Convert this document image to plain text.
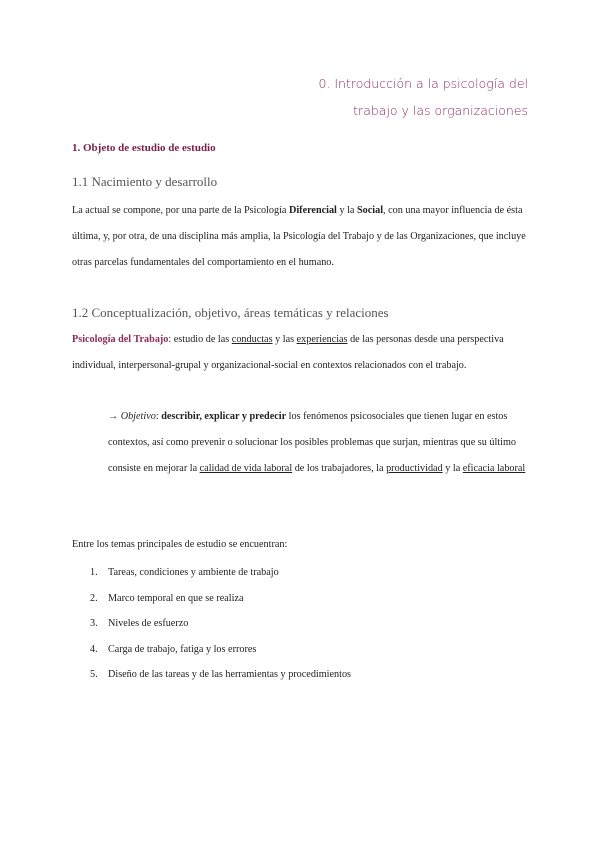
0. Introducción a la psicología del
trabajo y las organizaciones
1. Objeto de estudio de estudio
1.1 Nacimiento y desarrollo
La actual se compone, por una parte de la Psicología Diferencial y la Social, con una mayor influencia de ésta última, y, por otra, de una disciplina más amplia, la Psicología del Trabajo y de las Organizaciones, que incluye otras parcelas fundamentales del comportamiento en el humano.
1.2 Conceptualización, objetivo, áreas temáticas y relaciones
Psicología del Trabajo: estudio de las conductas y las experiencias de las personas desde una perspectiva individual, interpersonal-grupal y organizacional-social en contextos relacionados con el trabajo.
→ Objetivo: describir, explicar y predecir los fenómenos psicosociales que tienen lugar en estos contextos, así como prevenir o solucionar los posibles problemas que surjan, mientras que su último consiste en mejorar la calidad de vida laboral de los trabajadores, la productividad y la eficacia laboral
Entre los temas principales de estudio se encuentran:
1. Tareas, condiciones y ambiente de trabajo
2. Marco temporal en que se realiza
3. Niveles de esfuerzo
4. Carga de trabajo, fatiga y los errores
5. Diseño de las tareas y de las herramientas y procedimientos
